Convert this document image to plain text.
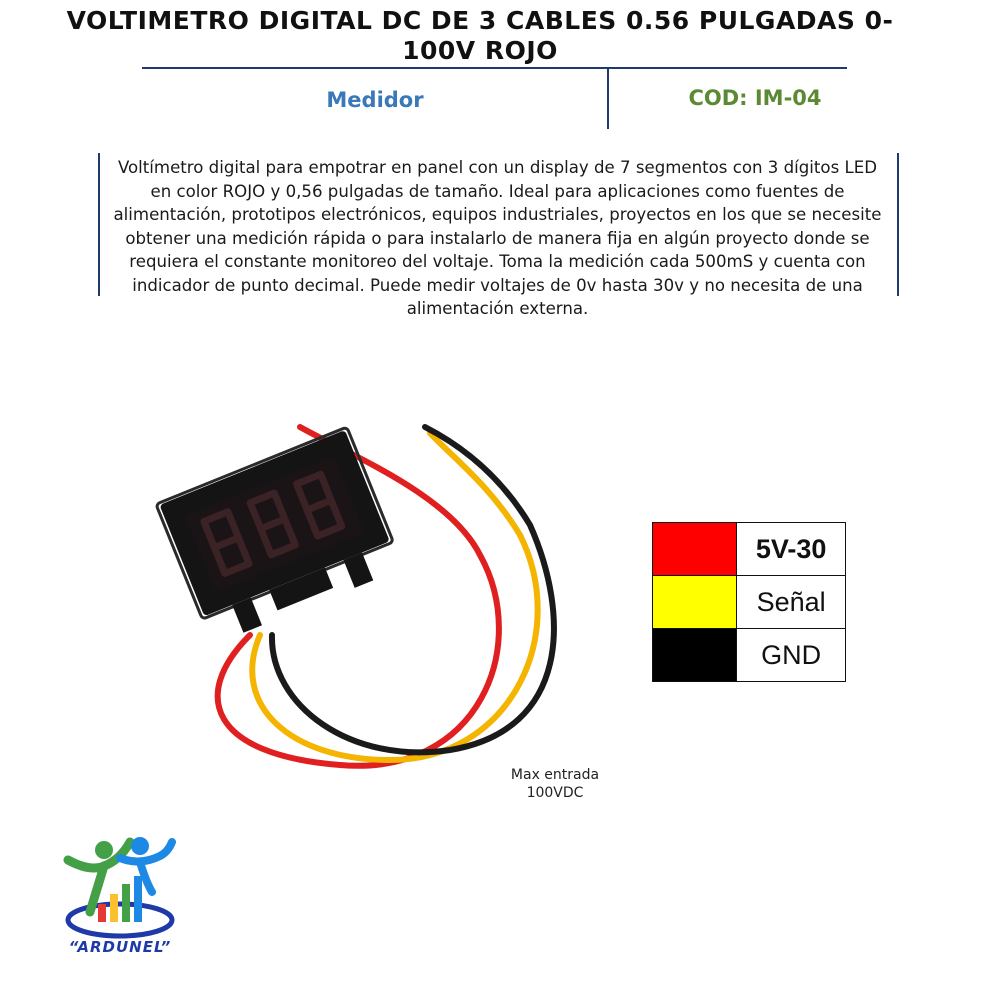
VOLTIMETRO DIGITAL DC DE 3 CABLES 0.56 PULGADAS 0-100V ROJO
Medidor	COD: IM-04
Voltímetro digital para empotrar en panel con un display de 7 segmentos con 3 dígitos LED en color ROJO y 0,56 pulgadas de tamaño. Ideal para aplicaciones como fuentes de alimentación, prototipos electrónicos, equipos industriales, proyectos en los que se necesite obtener una medición rápida o para instalarlo de manera fija en algún proyecto donde se requiera el constante monitoreo del voltaje. Toma la medición cada 500mS y cuenta con indicador de punto decimal. Puede medir voltajes de 0v hasta 30v y no necesita de una alimentación externa.
Max entrada
100VDC
	5V-30
	Señal
	GND
“ARDUNEL”
